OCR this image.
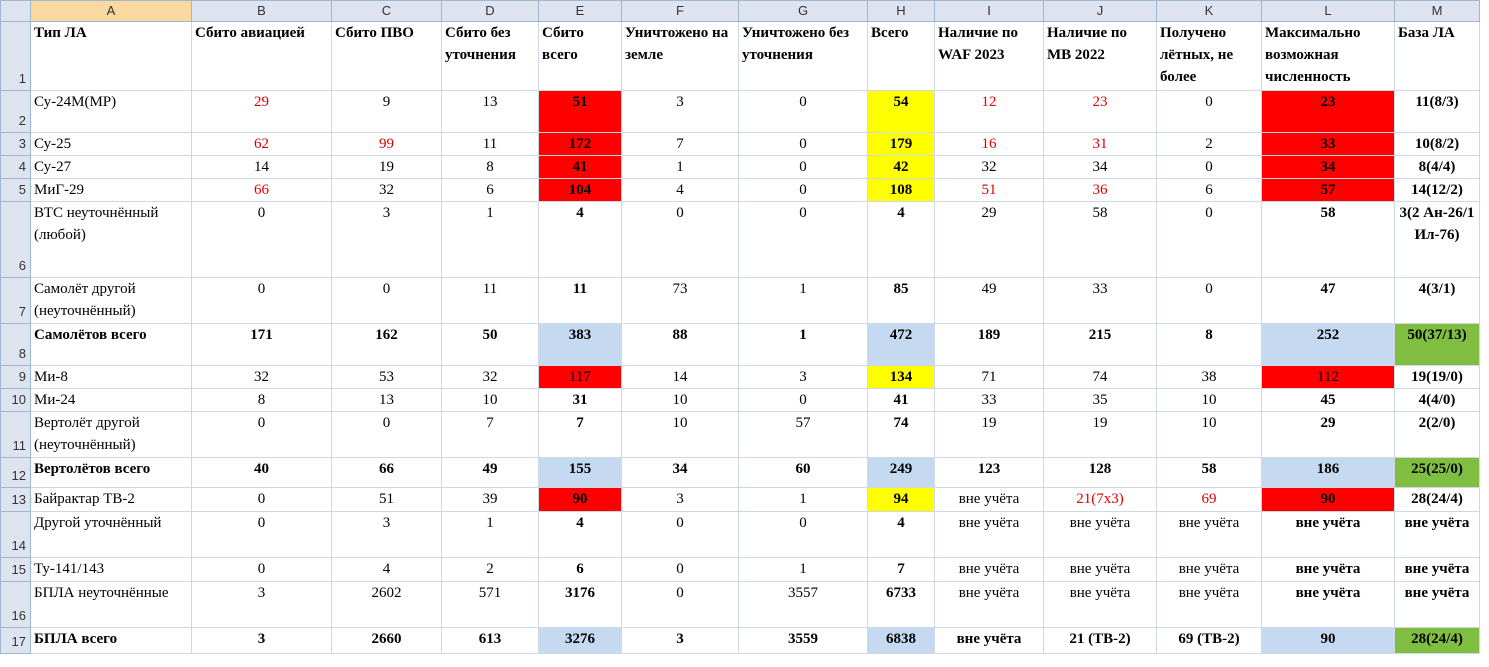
	A	B	C	D	E	F	G	H	I	J	K	L	M
1	Тип ЛА	Сбито авиацией	Сбито ПВО	Сбито без уточнения	Сбито всего	Уничтожено на земле	Уничтожено без уточнения	Всего	Наличие по WAF 2023	Наличие по МВ 2022	Получено лётных, не более	Максимально возможная численность	База ЛА
2	Су-24М(МР)	29	9	13	51	3	0	54	12	23	0	23	11(8/3)
3	Су-25	62	99	11	172	7	0	179	16	31	2	33	10(8/2)
4	Су-27	14	19	8	41	1	0	42	32	34	0	34	8(4/4)
5	МиГ-29	66	32	6	104	4	0	108	51	36	6	57	14(12/2)
6	ВТС неуточнённый (любой)	0	3	1	4	0	0	4	29	58	0	58	3(2 Ан-26/1 Ил-76)
7	Самолёт другой (неуточнённый)	0	0	11	11	73	1	85	49	33	0	47	4(3/1)
8	Самолётов всего	171	162	50	383	88	1	472	189	215	8	252	50(37/13)
9	Ми-8	32	53	32	117	14	3	134	71	74	38	112	19(19/0)
10	Ми-24	8	13	10	31	10	0	41	33	35	10	45	4(4/0)
11	Вертолёт другой (неуточнённый)	0	0	7	7	10	57	74	19	19	10	29	2(2/0)
12	Вертолётов всего	40	66	49	155	34	60	249	123	128	58	186	25(25/0)
13	Байрактар ТВ-2	0	51	39	90	3	1	94	вне учёта	21(7x3)	69	90	28(24/4)
14	Другой уточнённый	0	3	1	4	0	0	4	вне учёта	вне учёта	вне учёта	вне учёта	вне учёта
15	Ту-141/143	0	4	2	6	0	1	7	вне учёта	вне учёта	вне учёта	вне учёта	вне учёта
16	БПЛА неуточнённые	3	2602	571	3176	0	3557	6733	вне учёта	вне учёта	вне учёта	вне учёта	вне учёта
17	БПЛА всего	3	2660	613	3276	3	3559	6838	вне учёта	21 (ТВ-2)	69 (ТВ-2)	90	28(24/4)
